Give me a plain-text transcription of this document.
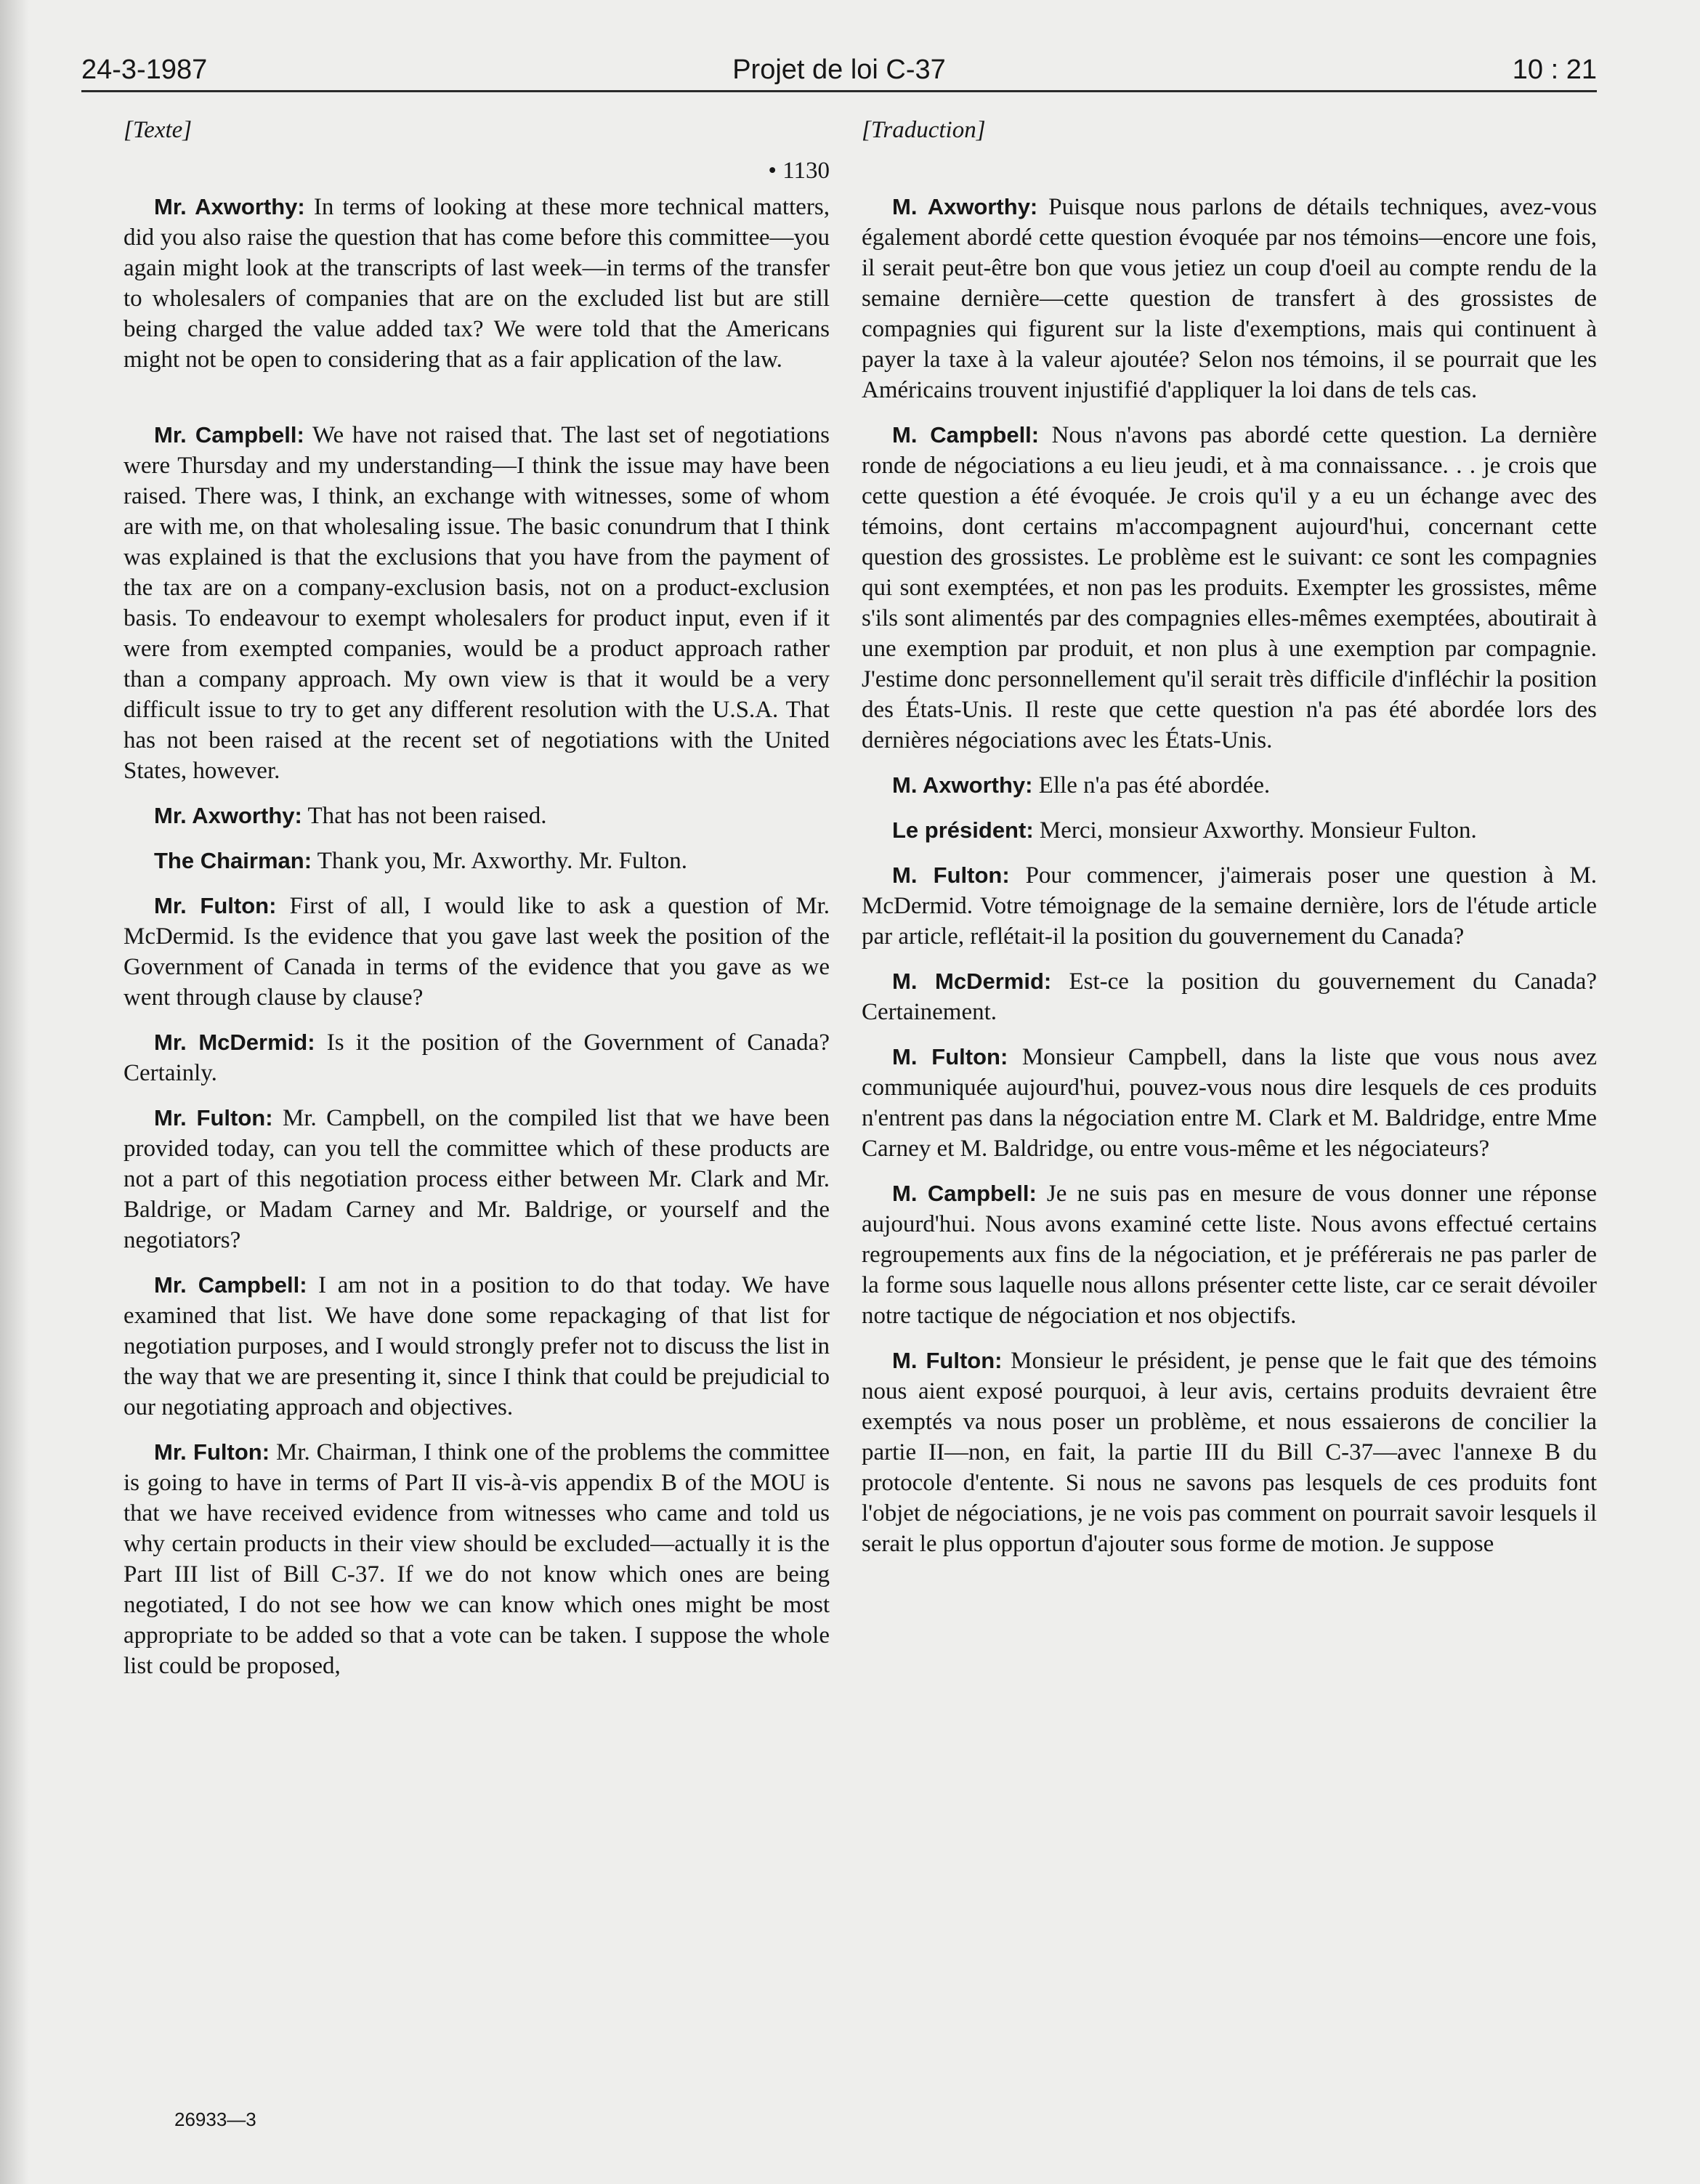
24-3-1987	Projet de loi C-37	10 : 21
[Texte]
• 1130

Mr. Axworthy: In terms of looking at these more technical matters, did you also raise the question that has come before this committee—you again might look at the transcripts of last week—in terms of the transfer to wholesalers of companies that are on the excluded list but are still being charged the value added tax? We were told that the Americans might not be open to considering that as a fair application of the law.

Mr. Campbell: We have not raised that. The last set of negotiations were Thursday and my understanding—I think the issue may have been raised. There was, I think, an exchange with witnesses, some of whom are with me, on that wholesaling issue. The basic conundrum that I think was explained is that the exclusions that you have from the payment of the tax are on a company-exclusion basis, not on a product-exclusion basis. To endeavour to exempt wholesalers for product input, even if it were from exempted companies, would be a product approach rather than a company approach. My own view is that it would be a very difficult issue to try to get any different resolution with the U.S.A. That has not been raised at the recent set of negotiations with the United States, however.

Mr. Axworthy: That has not been raised.

The Chairman: Thank you, Mr. Axworthy. Mr. Fulton.

Mr. Fulton: First of all, I would like to ask a question of Mr. McDermid. Is the evidence that you gave last week the position of the Government of Canada in terms of the evidence that you gave as we went through clause by clause?

Mr. McDermid: Is it the position of the Government of Canada? Certainly.

Mr. Fulton: Mr. Campbell, on the compiled list that we have been provided today, can you tell the committee which of these products are not a part of this negotiation process either between Mr. Clark and Mr. Baldrige, or Madam Carney and Mr. Baldrige, or yourself and the negotiators?

Mr. Campbell: I am not in a position to do that today. We have examined that list. We have done some repackaging of that list for negotiation purposes, and I would strongly prefer not to discuss the list in the way that we are presenting it, since I think that could be prejudicial to our negotiating approach and objectives.

Mr. Fulton: Mr. Chairman, I think one of the problems the committee is going to have in terms of Part II vis-à-vis appendix B of the MOU is that we have received evidence from witnesses who came and told us why certain products in their view should be excluded—actually it is the Part III list of Bill C-37. If we do not know which ones are being negotiated, I do not see how we can know which ones might be most appropriate to be added so that a vote can be taken. I suppose the whole list could be proposed,

[Traduction]

M. Axworthy: Puisque nous parlons de détails techniques, avez-vous également abordé cette question évoquée par nos témoins—encore une fois, il serait peut-être bon que vous jetiez un coup d'oeil au compte rendu de la semaine dernière—cette question de transfert à des grossistes de compagnies qui figurent sur la liste d'exemptions, mais qui continuent à payer la taxe à la valeur ajoutée? Selon nos témoins, il se pourrait que les Américains trouvent injustifié d'appliquer la loi dans de tels cas.

M. Campbell: Nous n'avons pas abordé cette question. La dernière ronde de négociations a eu lieu jeudi, et à ma connaissance. . . je crois que cette question a été évoquée. Je crois qu'il y a eu un échange avec des témoins, dont certains m'accompagnent aujourd'hui, concernant cette question des grossistes. Le problème est le suivant: ce sont les compagnies qui sont exemptées, et non pas les produits. Exempter les grossistes, même s'ils sont alimentés par des compagnies elles-mêmes exemptées, aboutirait à une exemption par produit, et non plus à une exemption par compagnie. J'estime donc personnellement qu'il serait très difficile d'infléchir la position des États-Unis. Il reste que cette question n'a pas été abordée lors des dernières négociations avec les États-Unis.

M. Axworthy: Elle n'a pas été abordée.

Le président: Merci, monsieur Axworthy. Monsieur Fulton.

M. Fulton: Pour commencer, j'aimerais poser une question à M. McDermid. Votre témoignage de la semaine dernière, lors de l'étude article par article, reflétait-il la position du gouvernement du Canada?

M. McDermid: Est-ce la position du gouvernement du Canada? Certainement.

M. Fulton: Monsieur Campbell, dans la liste que vous nous avez communiquée aujourd'hui, pouvez-vous nous dire lesquels de ces produits n'entrent pas dans la négociation entre M. Clark et M. Baldridge, entre Mme Carney et M. Baldridge, ou entre vous-même et les négociateurs?

M. Campbell: Je ne suis pas en mesure de vous donner une réponse aujourd'hui. Nous avons examiné cette liste. Nous avons effectué certains regroupements aux fins de la négociation, et je préférerais ne pas parler de la forme sous laquelle nous allons présenter cette liste, car ce serait dévoiler notre tactique de négociation et nos objectifs.

M. Fulton: Monsieur le président, je pense que le fait que des témoins nous aient exposé pourquoi, à leur avis, certains produits devraient être exemptés va nous poser un problème, et nous essaierons de concilier la partie II—non, en fait, la partie III du Bill C-37—avec l'annexe B du protocole d'entente. Si nous ne savons pas lesquels de ces produits font l'objet de négociations, je ne vois pas comment on pourrait savoir lesquels il serait le plus opportun d'ajouter sous forme de motion. Je suppose

26933—3
